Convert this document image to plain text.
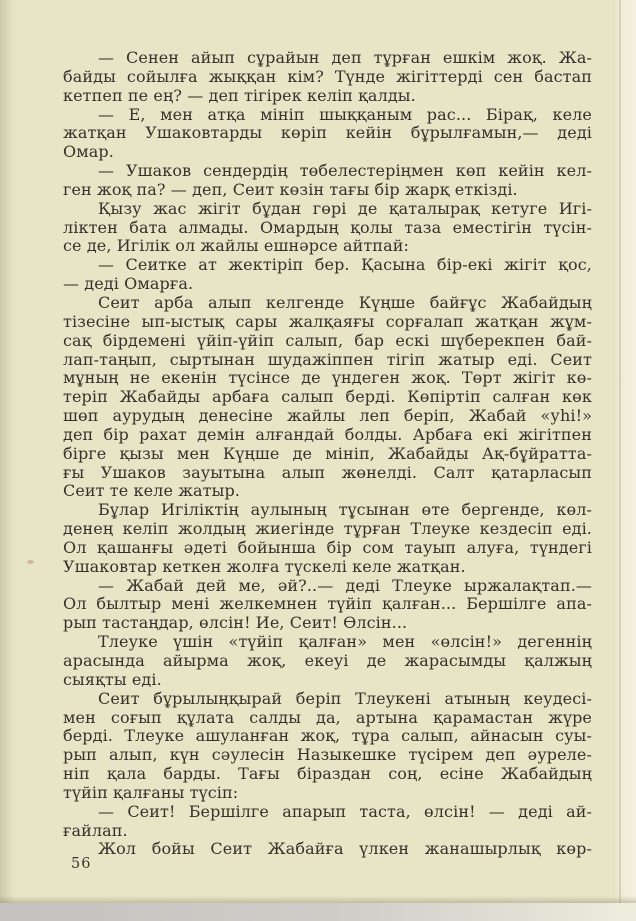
— Сенен айып сұрайын деп тұрған ешкім жоқ. Жа-
байды сойылға жыққан кім? Түнде жігіттерді сен бастап
кетпеп пе ең? — деп тігірек келіп қалды.
— Е, мен атқа мініп шыққаным рас... Бірақ, келе
жатқан Ушаковтарды көріп кейін бұрылғамын,— деді
Омар.
— Ушаков сендердің төбелестеріңмен көп кейін кел-
ген жоқ па? — деп, Сеит көзін тағы бір жарқ еткізді.
Қызу жас жігіт бұдан гөрі де қаталырақ кетуге Игі-
ліктен бата алмады. Омардың қолы таза еместігін түсін-
се де, Игілік ол жайлы ешнәрсе айтпай:
— Сеитке ат жектіріп бер. Қасына бір-екі жігіт қос,
— деді Омарға.
Сеит арба алып келгенде Күңше байғұс Жабайдың
тізесіне ып-ыстық сары жалқаяғы сорғалап жатқан жұм-
сақ бірдемені үйіп-үйіп салып, бар ескі шүберекпен бай-
лап-таңып, сыртынан шудажіппен тігіп жатыр еді. Сеит
мұның не екенін түсінсе де үндеген жоқ. Төрт жігіт кө-
теріп Жабайды арбаға салып берді. Көпіртіп салған көк
шөп аурудың денесіне жайлы леп беріп, Жабай «уһі!»
деп бір рахат демін алғандай болды. Арбаға екі жігітпен
бірге қызы мен Күңше де мініп, Жабайды Ақ-бұйратта-
ғы Ушаков зауытына алып жөнелді. Салт қатарласып
Сеит те келе жатыр.
Бұлар Игіліктің аулының тұсынан өте бергенде, көл-
денең келіп жолдың жиегінде тұрған Тлеуке кездесіп еді.
Ол қашанғы әдеті бойынша бір сом тауып алуға, түндегі
Ушаковтар кеткен жолға түскелі келе жатқан.
— Жабай дей ме, әй?..— деді Тлеуке ыржалақтап.—
Ол былтыр мені желкемнен түйіп қалған... Бершілге апа-
рып тастаңдар, өлсін! Ие, Сеит! Өлсін...
Тлеуке үшін «түйіп қалған» мен «өлсін!» дегеннің
арасында айырма жоқ, екеуі де жарасымды қалжың
сыяқты еді.
Сеит бұрылыңқырай беріп Тлеукені атының кеудесі-
мен соғып құлата салды да, артына қарамастан жүре
берді. Тлеуке ашуланған жоқ, тұра салып, айнасын суы-
рып алып, күн сәулесін Назыкешке түсірем деп әуреле-
ніп қала барды. Тағы біраздан соң, есіне Жабайдың
түйіп қалғаны түсіп:
— Сеит! Бершілге апарып таста, өлсін! — деді ай-
ғайлап.
Жол бойы Сеит Жабайға үлкен жанашырлық көр-
56
